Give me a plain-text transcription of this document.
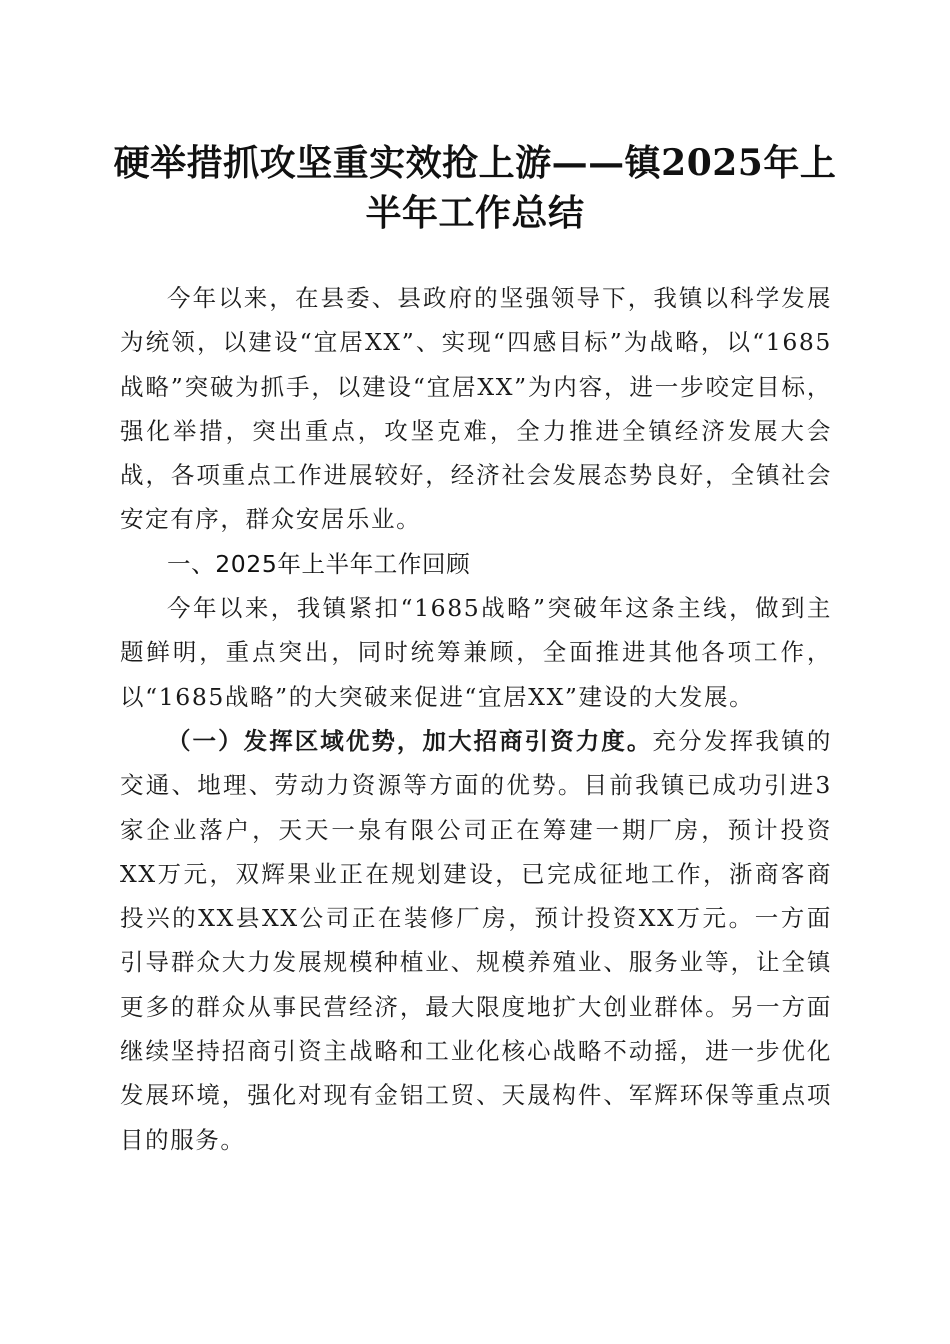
硬举措抓攻坚重实效抢上游——镇2025年上半年工作总结

今年以来，在县委、县政府的坚强领导下，我镇以科学发展为统领，以建设“宜居XX”、实现“四感目标”为战略，以“1685战略”突破为抓手，以建设“宜居XX”为内容，进一步咬定目标，强化举措，突出重点，攻坚克难，全力推进全镇经济发展大会战，各项重点工作进展较好，经济社会发展态势良好，全镇社会安定有序，群众安居乐业。

一、2025年上半年工作回顾

今年以来，我镇紧扣“1685战略”突破年这条主线，做到主题鲜明，重点突出，同时统筹兼顾，全面推进其他各项工作，以“1685战略”的大突破来促进“宜居XX”建设的大发展。

（一）发挥区域优势，加大招商引资力度。充分发挥我镇的交通、地理、劳动力资源等方面的优势。目前我镇已成功引进3家企业落户，天天一泉有限公司正在筹建一期厂房，预计投资XX万元，双辉果业正在规划建设，已完成征地工作，浙商客商投兴的XX县XX公司正在装修厂房，预计投资XX万元。一方面引导群众大力发展规模种植业、规模养殖业、服务业等，让全镇更多的群众从事民营经济，最大限度地扩大创业群体。另一方面继续坚持招商引资主战略和工业化核心战略不动摇，进一步优化发展环境，强化对现有金铝工贸、天晟构件、军辉环保等重点项目的服务。
